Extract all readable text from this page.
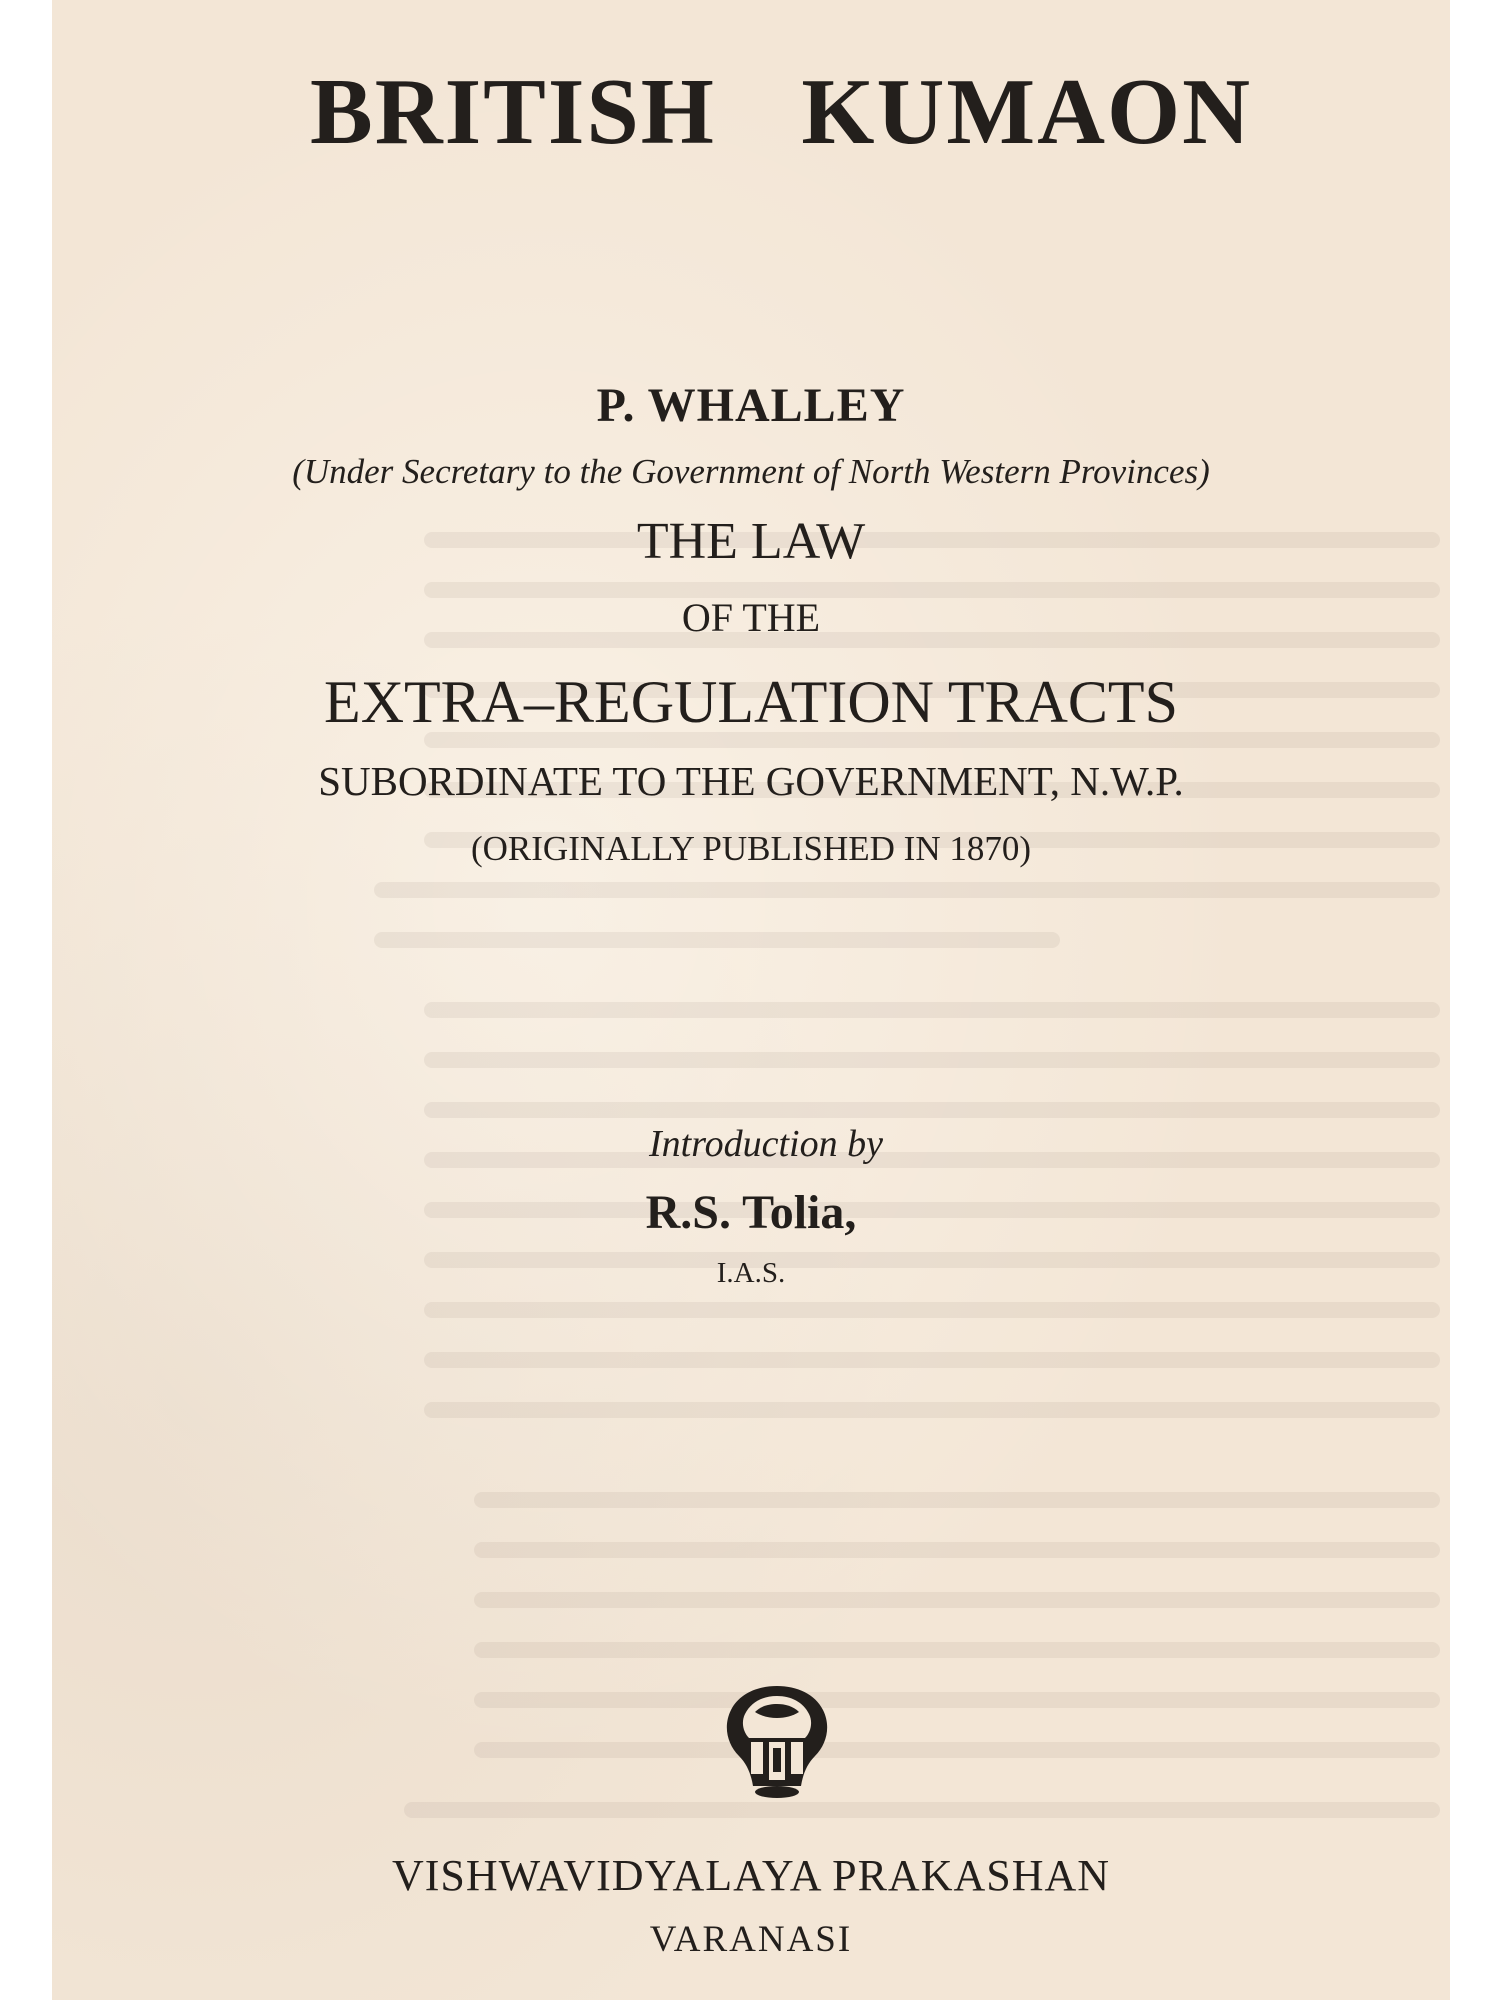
BRITISH KUMAON
P. WHALLEY
(Under Secretary to the Government of North Western Provinces)
THE LAW
OF THE
EXTRA–REGULATION TRACTS
SUBORDINATE TO THE GOVERNMENT, N.W.P.
(ORIGINALLY PUBLISHED IN 1870)
Introduction by
R.S. Tolia,
I.A.S.
VISHWAVIDYALAYA PRAKASHAN
VARANASI
